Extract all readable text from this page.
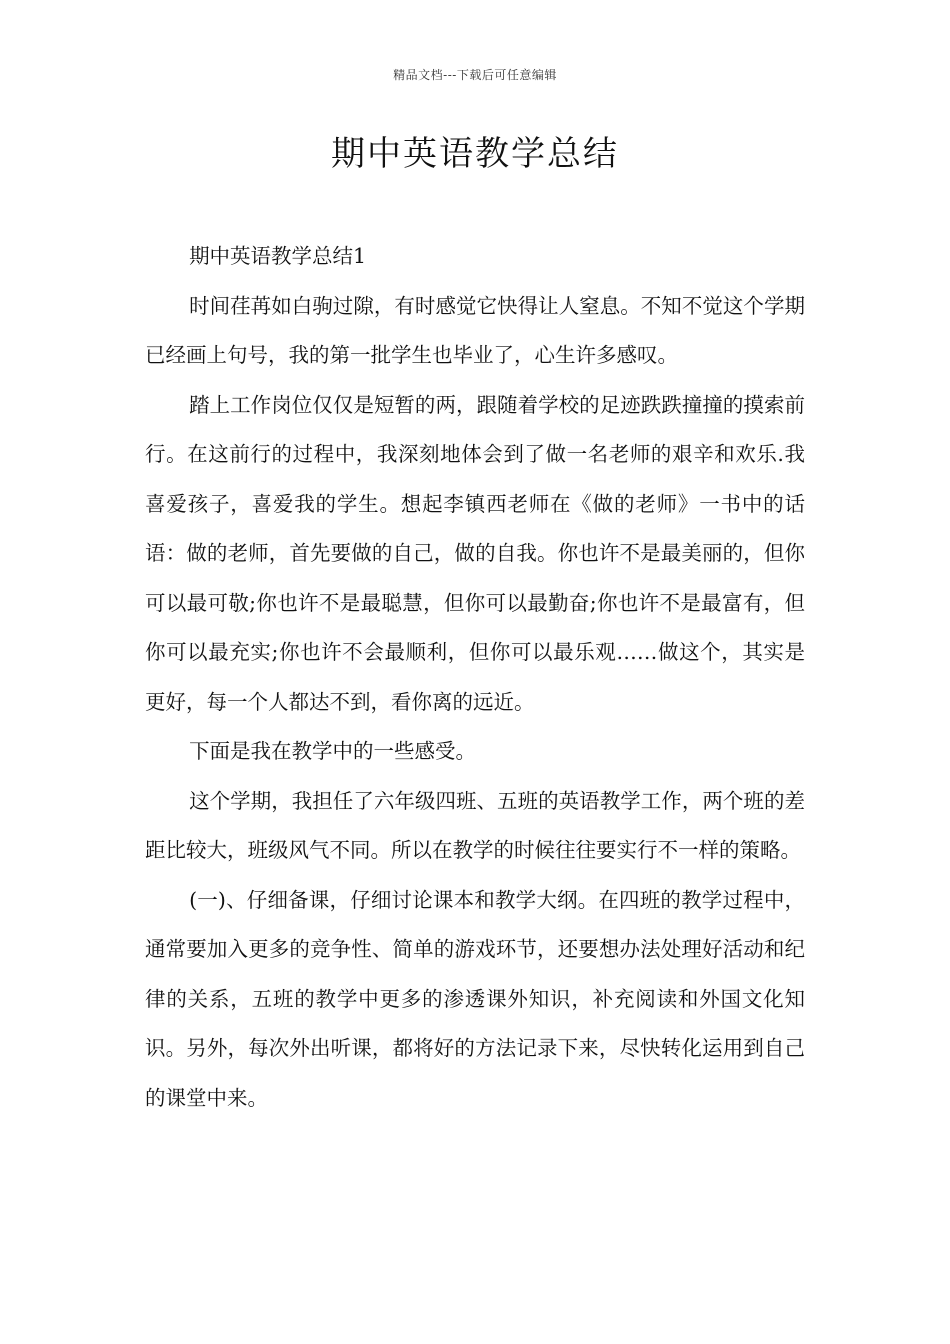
精品文档---下载后可任意编辑
期中英语教学总结

期中英语教学总结1

时间荏苒如白驹过隙，有时感觉它快得让人窒息。不知不觉这个学期已经画上句号，我的第一批学生也毕业了，心生许多感叹。

踏上工作岗位仅仅是短暂的两，跟随着学校的足迹跌跌撞撞的摸索前行。在这前行的过程中，我深刻地体会到了做一名老师的艰辛和欢乐.我喜爱孩子，喜爱我的学生。想起李镇西老师在《做的老师》一书中的话语：做的老师，首先要做的自己，做的自我。你也许不是最美丽的，但你可以最可敬;你也许不是最聪慧，但你可以最勤奋;你也许不是最富有，但你可以最充实;你也许不会最顺利，但你可以最乐观……做这个，其实是更好，每一个人都达不到，看你离的远近。

下面是我在教学中的一些感受。

这个学期，我担任了六年级四班、五班的英语教学工作，两个班的差距比较大，班级风气不同。所以在教学的时候往往要实行不一样的策略。

(一)、仔细备课，仔细讨论课本和教学大纲。在四班的教学过程中，通常要加入更多的竞争性、简单的游戏环节，还要想办法处理好活动和纪律的关系，五班的教学中更多的渗透课外知识，补充阅读和外国文化知识。另外，每次外出听课，都将好的方法记录下来，尽快转化运用到自己的课堂中来。
